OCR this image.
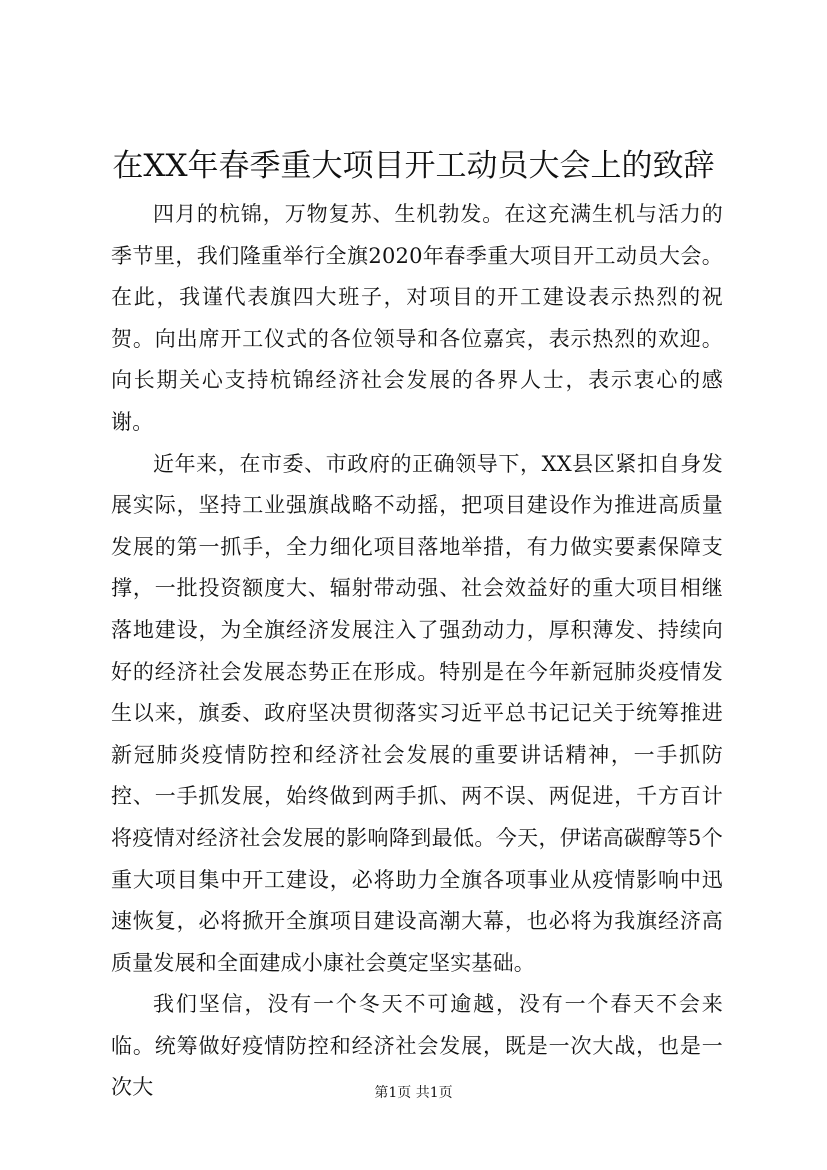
在XX年春季重大项目开工动员大会上的致辞

四月的杭锦，万物复苏、生机勃发。在这充满生机与活力的季节里，我们隆重举行全旗2020年春季重大项目开工动员大会。在此，我谨代表旗四大班子，对项目的开工建设表示热烈的祝贺。向出席开工仪式的各位领导和各位嘉宾，表示热烈的欢迎。向长期关心支持杭锦经济社会发展的各界人士，表示衷心的感谢。

近年来，在市委、市政府的正确领导下，XX县区紧扣自身发展实际，坚持工业强旗战略不动摇，把项目建设作为推进高质量发展的第一抓手，全力细化项目落地举措，有力做实要素保障支撑，一批投资额度大、辐射带动强、社会效益好的重大项目相继落地建设，为全旗经济发展注入了强劲动力，厚积薄发、持续向好的经济社会发展态势正在形成。特别是在今年新冠肺炎疫情发生以来，旗委、政府坚决贯彻落实习近平总书记记关于统筹推进新冠肺炎疫情防控和经济社会发展的重要讲话精神，一手抓防控、一手抓发展，始终做到两手抓、两不误、两促进，千方百计将疫情对经济社会发展的影响降到最低。今天，伊诺高碳醇等5个重大项目集中开工建设，必将助力全旗各项事业从疫情影响中迅速恢复，必将掀开全旗项目建设高潮大幕，也必将为我旗经济高质量发展和全面建成小康社会奠定坚实基础。

我们坚信，没有一个冬天不可逾越，没有一个春天不会来临。统筹做好疫情防控和经济社会发展，既是一次大战，也是一次大	第1页 共1页
